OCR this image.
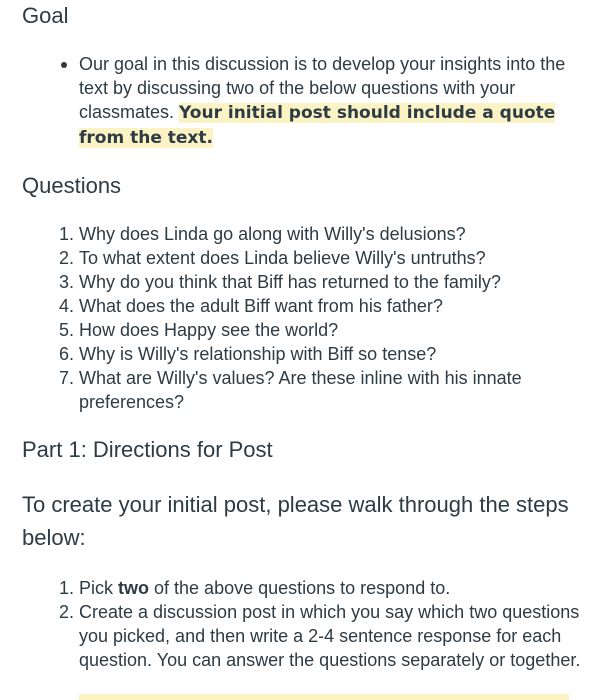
Goal
• Our goal in this discussion is to develop your insights into the text by discussing two of the below questions with your classmates. Your initial post should include a quote from the text.
Questions
1. Why does Linda go along with Willy's delusions?
2. To what extent does Linda believe Willy's untruths?
3. Why do you think that Biff has returned to the family?
4. What does the adult Biff want from his father?
5. How does Happy see the world?
6. Why is Willy's relationship with Biff so tense?
7. What are Willy's values? Are these inline with his innate preferences?
Part 1: Directions for Post

To create your initial post, please walk through the steps below:

1. Pick two of the above questions to respond to.
2. Create a discussion post in which you say which two questions you picked, and then write a 2-4 sentence response for each question. You can answer the questions separately or together.
